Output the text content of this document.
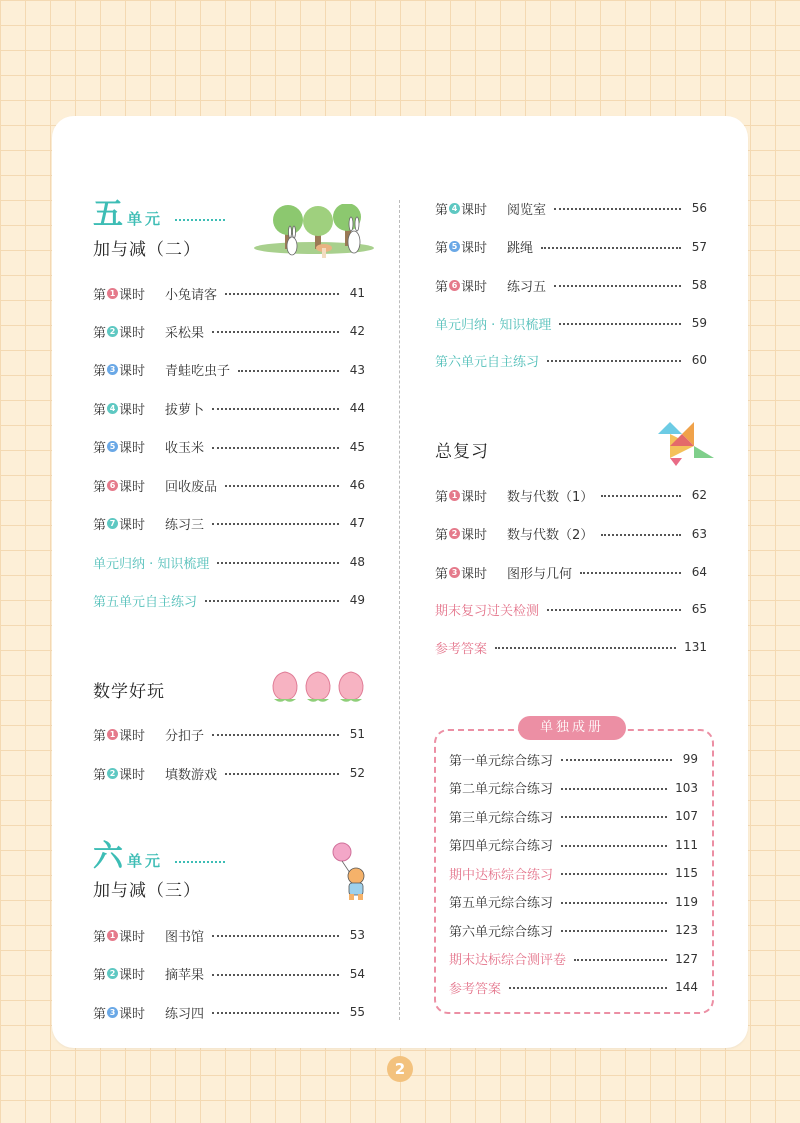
五单元
加与减（二）
第 1 课时 小兔请客	41
第 2 课时 采松果	42
第 3 课时 青蛙吃虫子	43
第 4 课时 拔萝卜	44
第 5 课时 收玉米	45
第 6 课时 回收废品	46
第 7 课时 练习三	47
单元归纳 · 知识梳理	48
第五单元自主练习	49
数学好玩
第 1 课时 分扣子	51
第 2 课时 填数游戏	52
六单元
加与减（三）
第 1 课时 图书馆	53
第 2 课时 摘苹果	54
第 3 课时 练习四	55
第 4 课时 阅览室	56
第 5 课时 跳绳	57
第 6 课时 练习五	58
单元归纳 · 知识梳理	59
第六单元自主练习	60
总复习
第 1 课时 数与代数（1）	62
第 2 课时 数与代数（2）	63
第 3 课时 图形与几何	64
期末复习过关检测	65
参考答案	131
单独成册
第一单元综合练习	99
第二单元综合练习	103
第三单元综合练习	107
第四单元综合练习	111
期中达标综合练习	115
第五单元综合练习	119
第六单元综合练习	123
期末达标综合测评卷	127
参考答案	144
2
